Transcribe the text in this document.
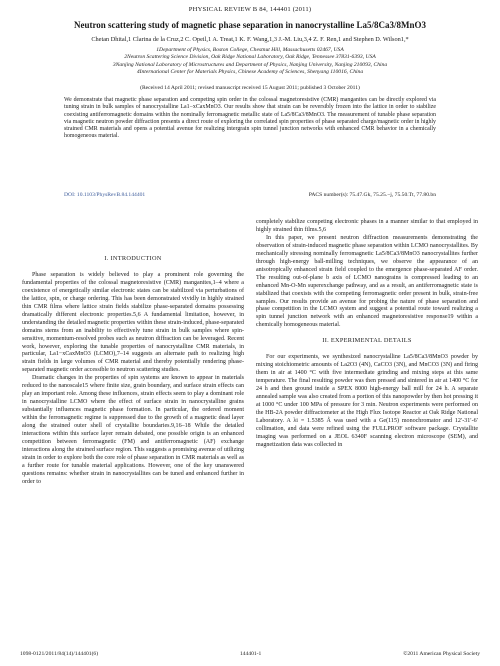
PHYSICAL REVIEW B 84, 144401 (2011)
Neutron scattering study of magnetic phase separation in nanocrystalline La5/8Ca3/8MnO3
Chetan Dhital,1 Clarina de la Cruz,2 C. Opeil,1 A. Treat,1 K. F. Wang,1,3 J.-M. Liu,3,4 Z. F. Ren,1 and Stephen D. Wilson1,*
1Department of Physics, Boston College, Chestnut Hill, Massachusetts 02467, USA
2Neutron Scattering Science Division, Oak Ridge National Laboratory, Oak Ridge, Tennessee 37831-6393, USA
3Nanjing National Laboratory of Microstructures and Department of Physics, Nanjing University, Nanjing 210093, China
4International Center for Materials Physics, Chinese Academy of Sciences, Shenyang 110016, China
(Received 14 April 2011; revised manuscript received 15 August 2011; published 3 October 2011)
We demonstrate that magnetic phase separation and competing spin order in the colossal magnetoresistive (CMR) manganites can be directly explored via tuning strain in bulk samples of nanocrystalline La1−xCaxMnO3. Our results show that strain can be reversibly frozen into the lattice in order to stabilize coexisting antiferromagnetic domains within the nominally ferromagnetic metallic state of La5/8Ca3/8MnO3. The measurement of tunable phase separation via magnetic neutron powder diffraction presents a direct route of exploring the correlated spin properties of phase separated charge/magnetic order in highly strained CMR materials and opens a potential avenue for realizing intergrain spin tunnel junction networks with enhanced CMR behavior in a chemically homogeneous material.
DOI: 10.1103/PhysRevB.84.144401	PACS number(s): 75.47.Gk, 75.25.−j, 75.50.Tt, 77.80.bn
I. INTRODUCTION

Phase separation is widely believed to play a prominent role governing the fundamental properties of the colossal magnetoresistive (CMR) manganites,1–4 where a coexistence of energetically similar electronic states can be stabilized via perturbations of the lattice, spin, or charge ordering. This has been demonstrated vividly in highly strained thin CMR films where lattice strain fields stabilize phase-separated domains possessing dramatically different electronic properties.5,6 A fundamental limitation, however, in understanding the detailed magnetic properties within these strain-induced, phase-separated domains stems from an inability to effectively tune strain in bulk samples where spin- sensitive, momentum-resolved probes such as neutron diffraction can be leveraged. Recent work, however, exploring the tunable properties of nanocrystalline CMR materials, in particular, La1−xCaxMnO3 (LCMO),7–14 suggests an alternate path to realizing high strain fields in large volumes of CMR material and thereby potentially rendering phase-separated magnetic order accessible to neutron scattering studies.

Dramatic changes in the properties of spin systems are known to appear in materials reduced to the nanoscale15 where finite size, grain boundary, and surface strain effects can play an important role. Among these influences, strain effects seem to play a dominant role in nanocrystalline LCMO where the effect of surface strain in nanocrystalline grains substantially influences magnetic phase formation. In particular, the ordered moment within the ferromagnetic regime is suppressed due to the growth of a magnetic dead layer along the strained outer shell of crystallite boundaries.9,16–18 While the detailed interactions within this surface layer remain debated, one possible origin is an enhanced competition between ferromagnetic (FM) and antiferromagnetic (AF) exchange interactions along the strained surface region. This suggests a promising avenue of utilizing strain in order to explore both the core role of phase separation in CMR materials as well as a further route for tunable material applications. However, one of the key unanswered questions remains: whether strain in nanocrystallites can be tuned and enhanced further in order to

completely stabilize competing electronic phases in a manner similar to that employed in highly strained thin films.5,6

In this paper, we present neutron diffraction measurements demonstrating the observation of strain-induced magnetic phase separation within LCMO nanocrystallites. By mechanically stressing nominally ferromagnetic La5/8Ca3/8MnO3 nanocrystallites further through high-energy ball-milling techniques, we observe the appearance of an anisotropically enhanced strain field coupled to the emergence phase-separated AF order. The resulting out-of-plane b axis of LCMO nanograins is compressed leading to an enhanced Mn-O-Mn superexchange pathway, and as a result, an antiferromagnetic state is stabilized that coexists with the competing ferromagnetic order present in bulk, strain-free samples. Our results provide an avenue for probing the nature of phase separation and phase competition in the LCMO system and suggest a potential route toward realizing a spin tunnel junction network with an enhanced magnetoresistive response19 within a chemically homogeneous material.

II. EXPERIMENTAL DETAILS

For our experiments, we synthesized nanocrystalline La5/8Ca3/8MnO3 powder by mixing stoichiometric amounts of La2O3 (4N), CaCO3 (3N), and MnCO3 (3N) and firing them in air at 1400 °C with five intermediate grinding and mixing steps at this same temperature. The final resulting powder was then pressed and sintered in air at 1400 °C for 24 h and then ground inside a SPEX 8000 high-energy ball mill for 24 h. A separate annealed sample was also created from a portion of this nanopowder by then hot pressing it at 1000 °C under 100 MPa of pressure for 3 min. Neutron experiments were performed on the HB-2A powder diffractometer at the High Flux Isotope Reactor at Oak Ridge National Laboratory. A λi = 1.5385 Å was used with a Ge(115) monochromator and 12′-31′-6′ collimation, and data were refined using the FULLPROF software package. Crystallite imaging was performed on a JEOL 6340F scanning electron microscope (SEM), and magnetization data was collected in

1098-0121/2011/84(14)/144401(6)	144401-1	©2011 American Physical Society
